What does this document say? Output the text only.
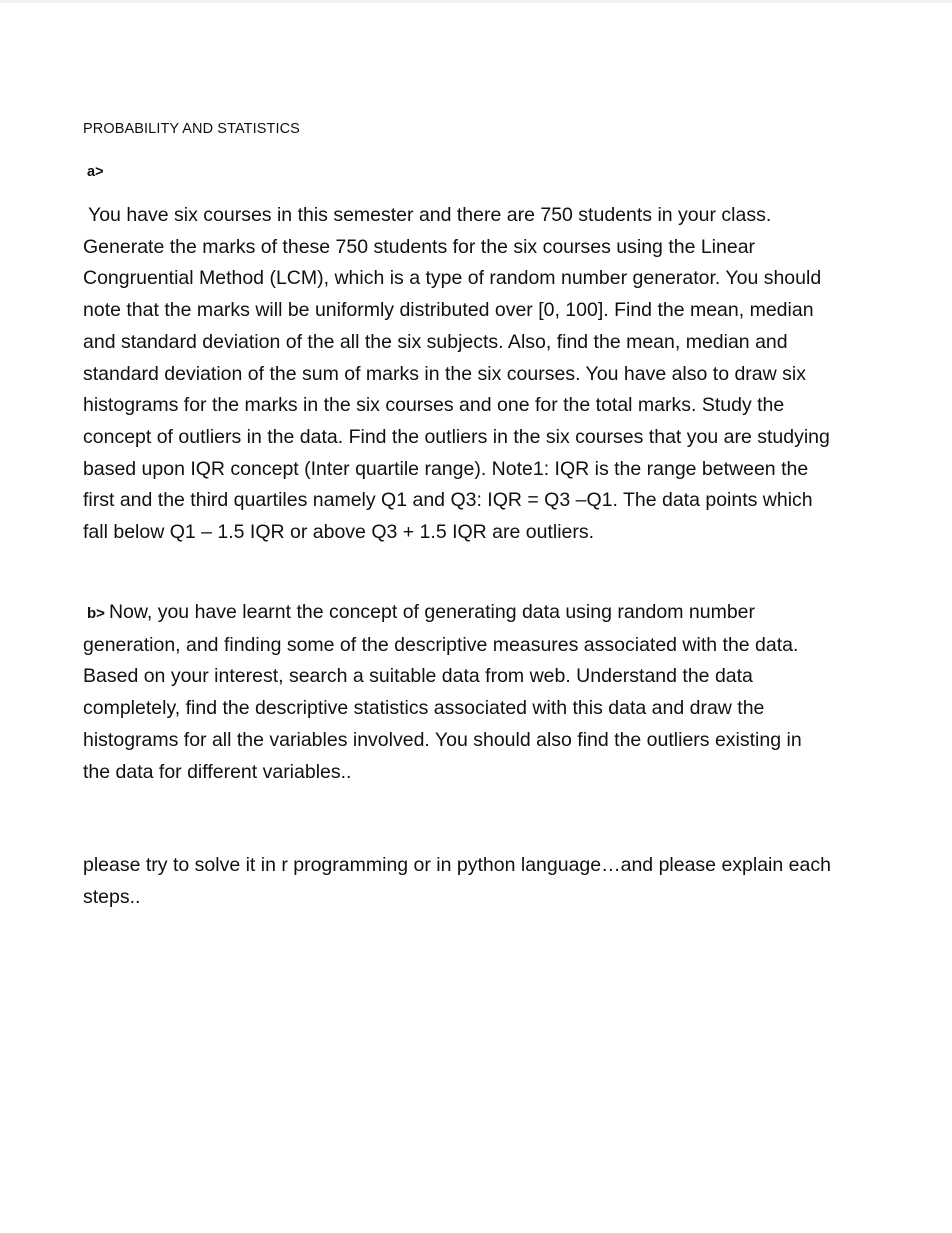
PROBABILITY AND STATISTICS
a>

You have six courses in this semester and there are 750 students in your class. Generate the marks of these 750 students for the six courses using the Linear Congruential Method (LCM), which is a type of random number generator. You should note that the marks will be uniformly distributed over [0, 100]. Find the mean, median and standard deviation of the all the six subjects. Also, find the mean, median and standard deviation of the sum of marks in the six courses. You have also to draw six histograms for the marks in the six courses and one for the total marks. Study the concept of outliers in the data. Find the outliers in the six courses that you are studying based upon IQR concept (Inter quartile range). Note1: IQR is the range between the first and the third quartiles namely Q1 and Q3: IQR = Q3 –Q1. The data points which fall below Q1 – 1.5 IQR or above Q3 + 1.5 IQR are outliers.

b> Now, you have learnt the concept of generating data using random number generation, and finding some of the descriptive measures associated with the data. Based on your interest, search a suitable data from web. Understand the data completely, find the descriptive statistics associated with this data and draw the histograms for all the variables involved. You should also find the outliers existing in the data for different variables..

please try to solve it in r programming or in python language…and please explain each steps..
